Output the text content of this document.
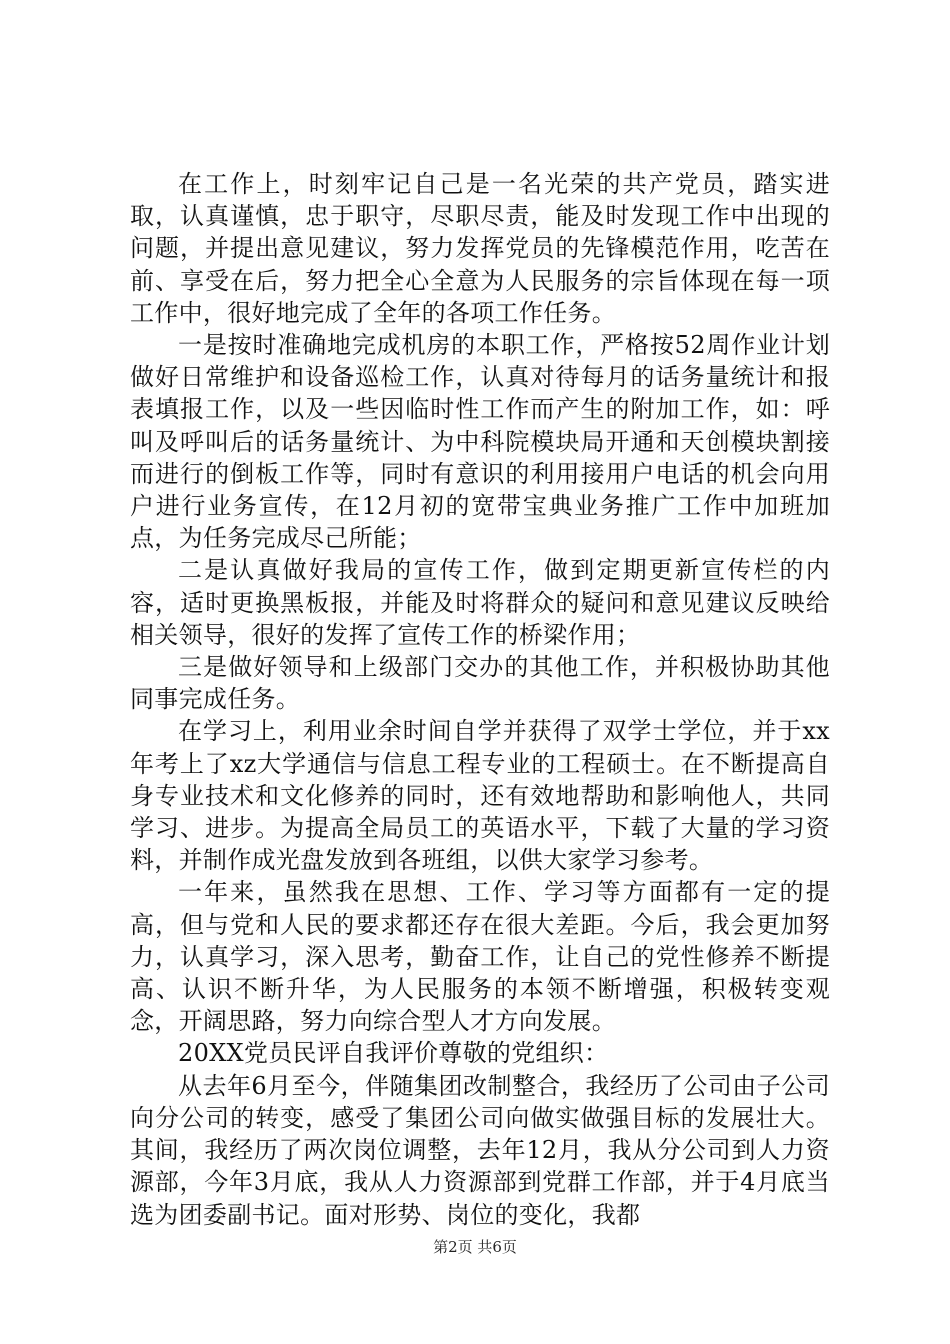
在工作上，时刻牢记自己是一名光荣的共产党员，踏实进取，认真谨慎，忠于职守，尽职尽责，能及时发现工作中出现的问题，并提出意见建议，努力发挥党员的先锋模范作用，吃苦在前、享受在后，努力把全心全意为人民服务的宗旨体现在每一项工作中，很好地完成了全年的各项工作任务。

一是按时准确地完成机房的本职工作，严格按52周作业计划做好日常维护和设备巡检工作，认真对待每月的话务量统计和报表填报工作，以及一些因临时性工作而产生的附加工作，如：呼叫及呼叫后的话务量统计、为中科院模块局开通和天创模块割接而进行的倒板工作等，同时有意识的利用接用户电话的机会向用户进行业务宣传，在12月初的宽带宝典业务推广工作中加班加点，为任务完成尽己所能；

二是认真做好我局的宣传工作，做到定期更新宣传栏的内容，适时更换黑板报，并能及时将群众的疑问和意见建议反映给相关领导，很好的发挥了宣传工作的桥梁作用；

三是做好领导和上级部门交办的其他工作，并积极协助其他同事完成任务。

在学习上，利用业余时间自学并获得了双学士学位，并于xx年考上了xz大学通信与信息工程专业的工程硕士。在不断提高自身专业技术和文化修养的同时，还有效地帮助和影响他人，共同学习、进步。为提高全局员工的英语水平，下载了大量的学习资料，并制作成光盘发放到各班组，以供大家学习参考。

一年来，虽然我在思想、工作、学习等方面都有一定的提高，但与党和人民的要求都还存在很大差距。今后，我会更加努力，认真学习，深入思考，勤奋工作，让自己的党性修养不断提高、认识不断升华，为人民服务的本领不断增强，积极转变观念，开阔思路，努力向综合型人才方向发展。

20XX党员民评自我评价尊敬的党组织：

从去年6月至今，伴随集团改制整合，我经历了公司由子公司向分公司的转变，感受了集团公司向做实做强目标的发展壮大。其间，我经历了两次岗位调整，去年12月，我从分公司到人力资源部，今年3月底，我从人力资源部到党群工作部，并于4月底当选为团委副书记。面对形势、岗位的变化，我都

第2页 共6页
